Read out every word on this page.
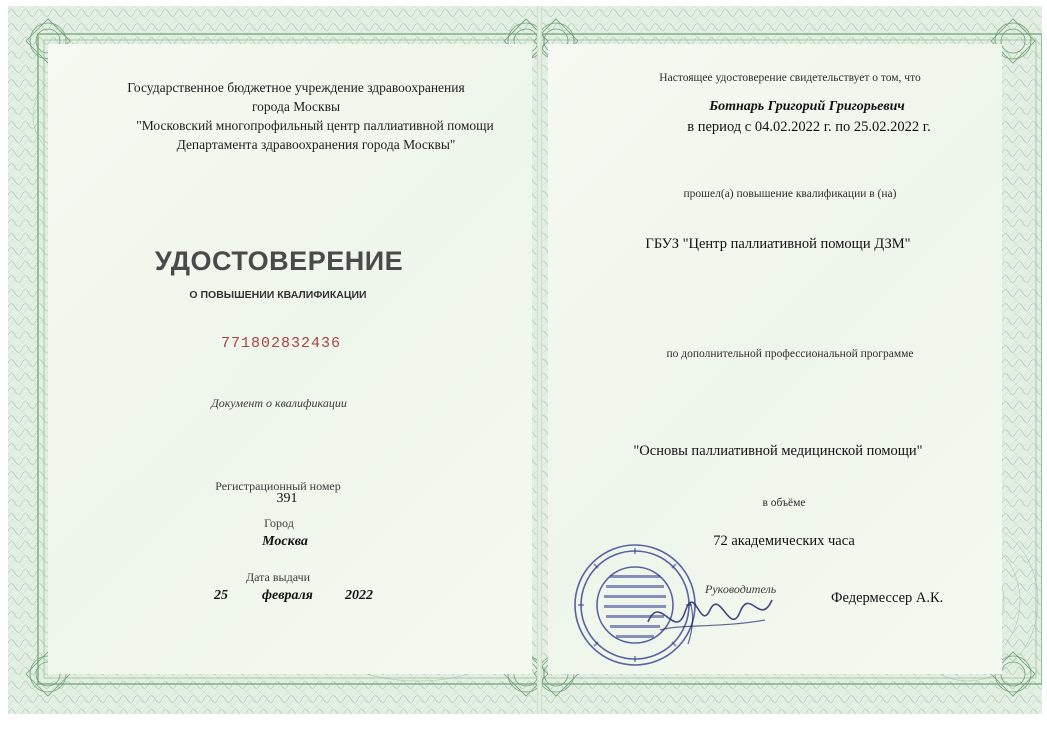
Государственное бюджетное учреждение здравоохранения
города Москвы
"Московский многопрофильный центр паллиативной помощи
Департамента здравоохранения города Москвы"
УДОСТОВЕРЕНИЕ
О ПОВЫШЕНИИ КВАЛИФИКАЦИИ
771802832436
Документ о квалификации
Регистрационный номер
391
Город
Москва
Дата выдачи
25 февраля 2022
Настоящее удостоверение свидетельствует о том, что
Ботнарь Григорий Григорьевич
в период с 04.02.2022 г. по 25.02.2022 г.
прошел(а) повышение квалификации в (на)
ГБУЗ "Центр паллиативной помощи ДЗМ"
по дополнительной профессиональной программе
"Основы паллиативной медицинской помощи"
в объёме
72 академических часа
Руководитель
Федермессер А.К.
